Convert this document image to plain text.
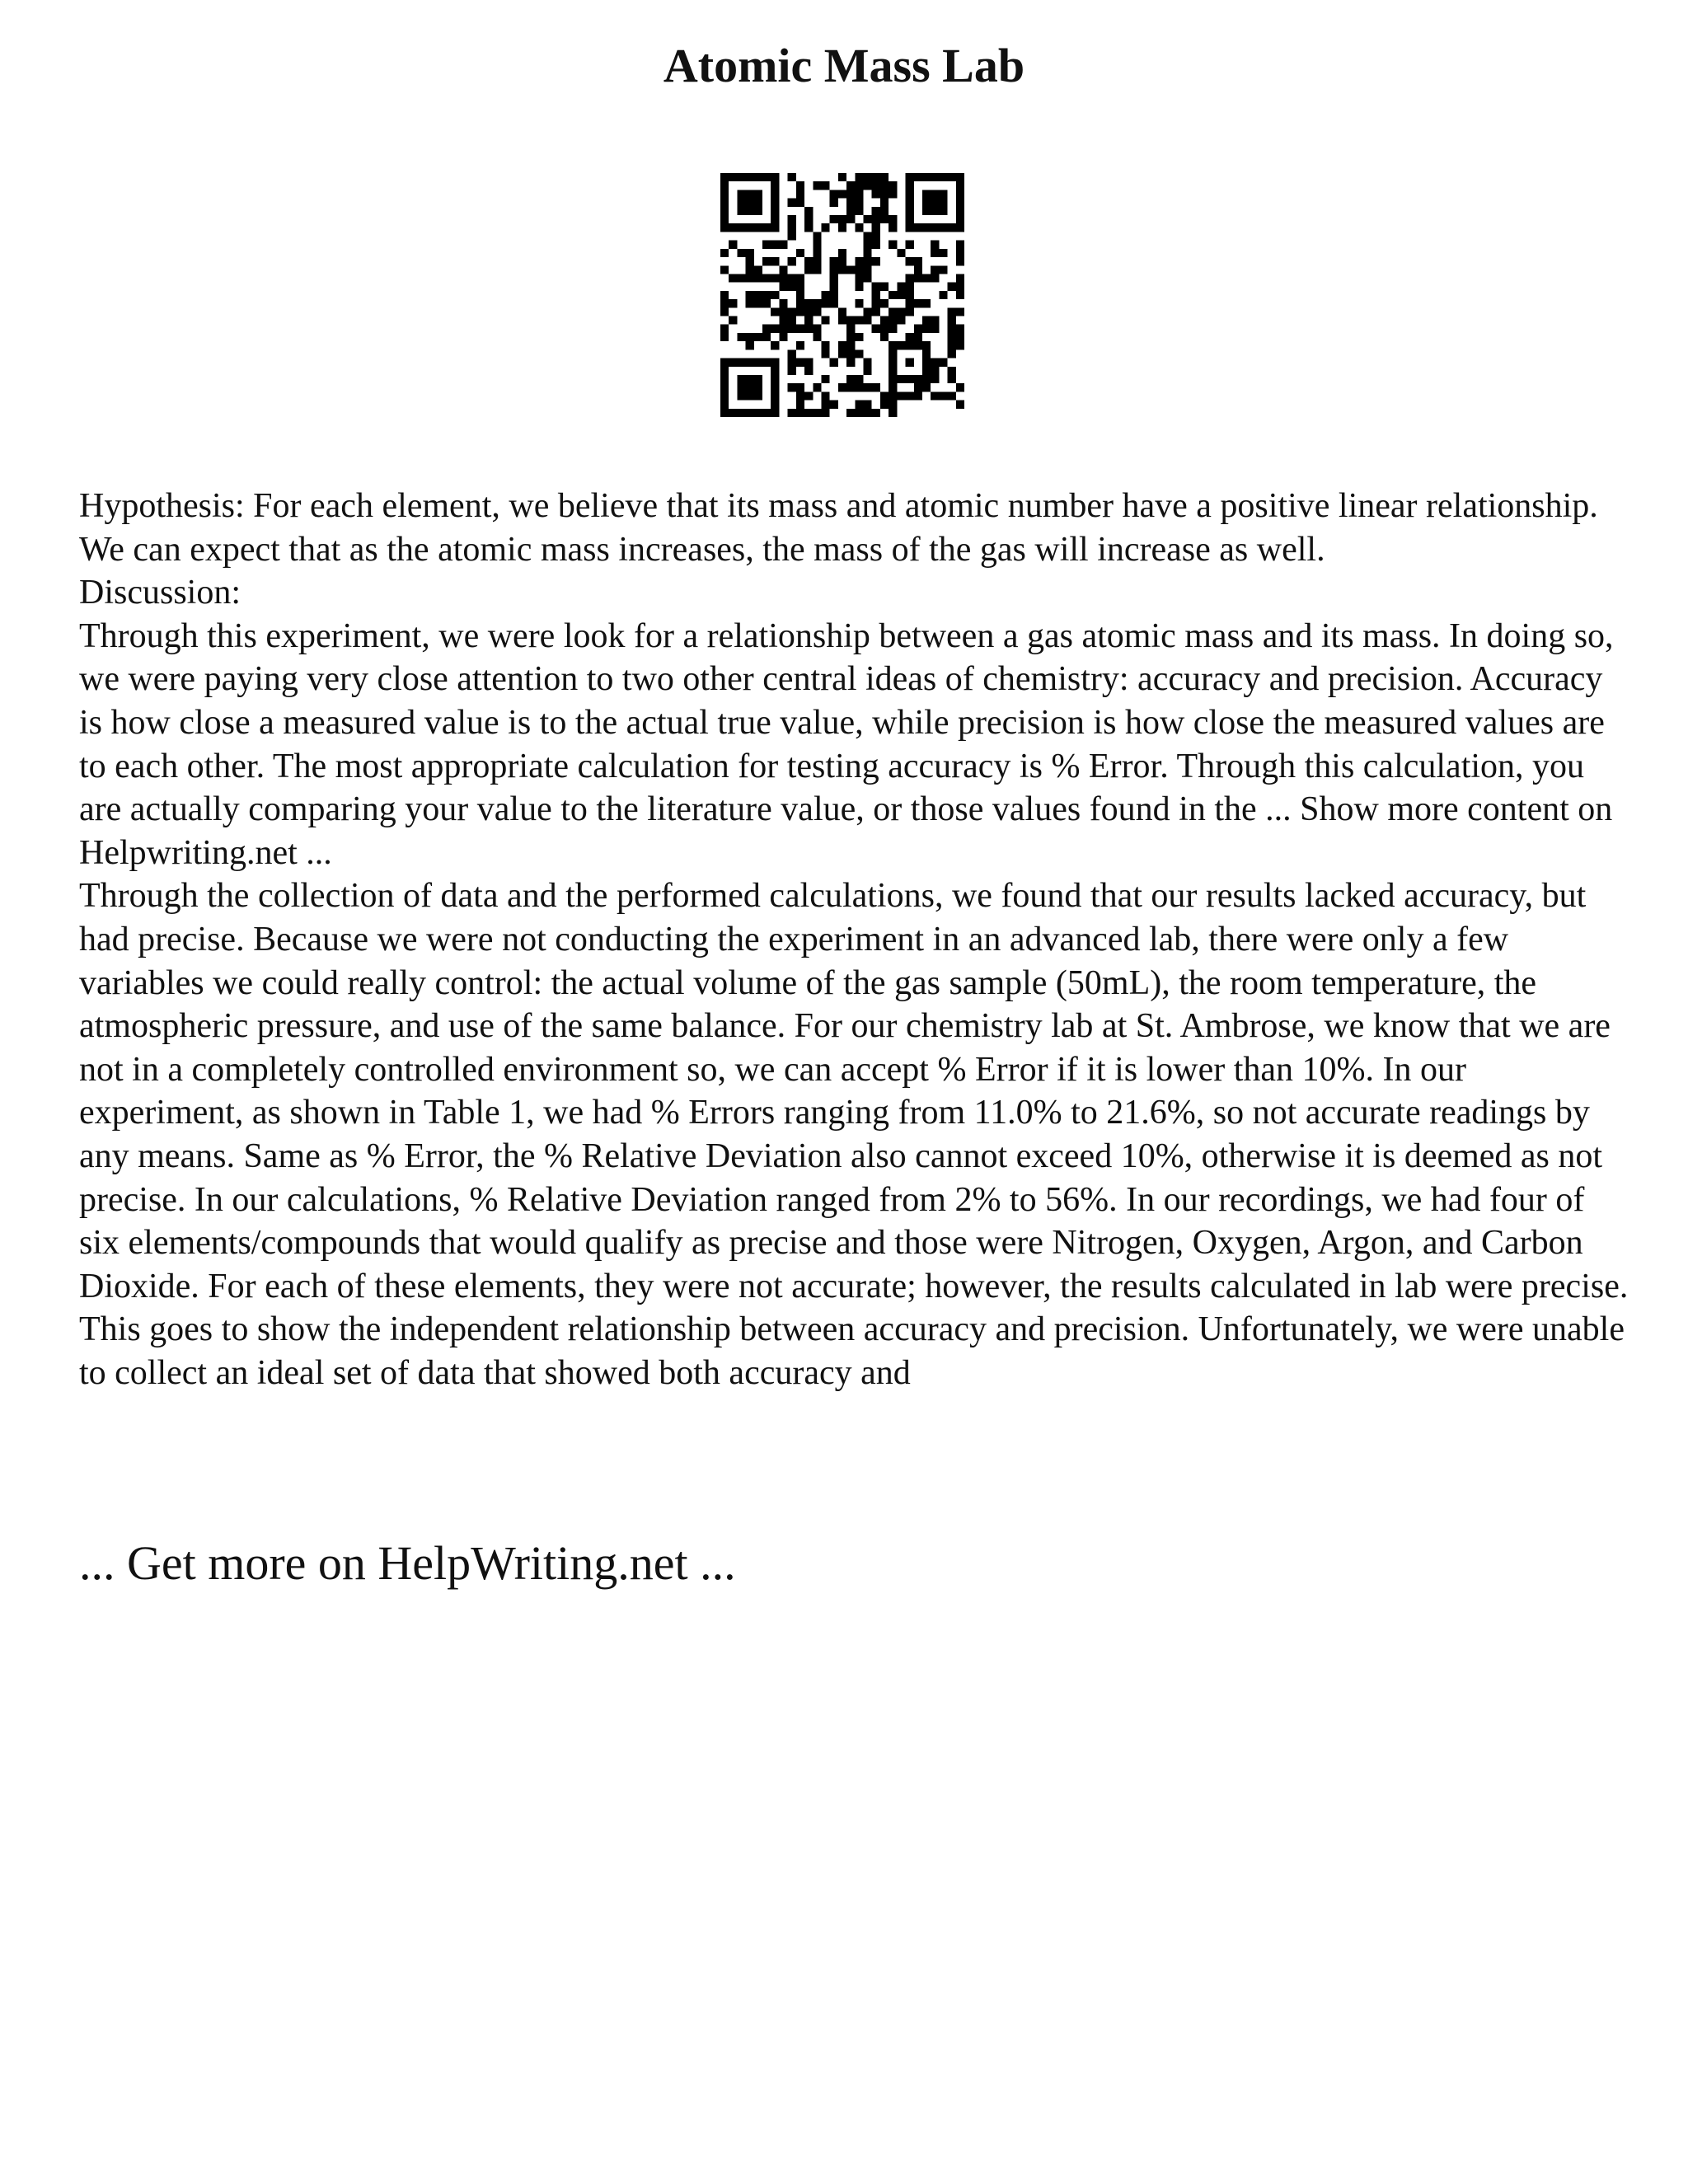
Atomic Mass Lab

Hypothesis: For each element, we believe that its mass and atomic number have a positive linear relationship. We can expect that as the atomic mass increases, the mass of the gas will increase as well.

Discussion:

Through this experiment, we were look for a relationship between a gas atomic mass and its mass. In doing so, we were paying very close attention to two other central ideas of chemistry: accuracy and precision. Accuracy is how close a measured value is to the actual true value, while precision is how close the measured values are to each other. The most appropriate calculation for testing accuracy is % Error. Through this calculation, you are actually comparing your value to the literature value, or those values found in the ... Show more content on Helpwriting.net ...

Through the collection of data and the performed calculations, we found that our results lacked accuracy, but had precise. Because we were not conducting the experiment in an advanced lab, there were only a few variables we could really control: the actual volume of the gas sample (50mL), the room temperature, the atmospheric pressure, and use of the same balance. For our chemistry lab at St. Ambrose, we know that we are not in a completely controlled environment so, we can accept % Error if it is lower than 10%. In our experiment, as shown in Table 1, we had % Errors ranging from 11.0% to 21.6%, so not accurate readings by any means. Same as % Error, the % Relative Deviation also cannot exceed 10%, otherwise it is deemed as not precise. In our calculations, % Relative Deviation ranged from 2% to 56%. In our recordings, we had four of six elements/compounds that would qualify as precise and those were Nitrogen, Oxygen, Argon, and Carbon Dioxide. For each of these elements, they were not accurate; however, the results calculated in lab were precise. This goes to show the independent relationship between accuracy and precision. Unfortunately, we were unable to collect an ideal set of data that showed both accuracy and

... Get more on HelpWriting.net ...
